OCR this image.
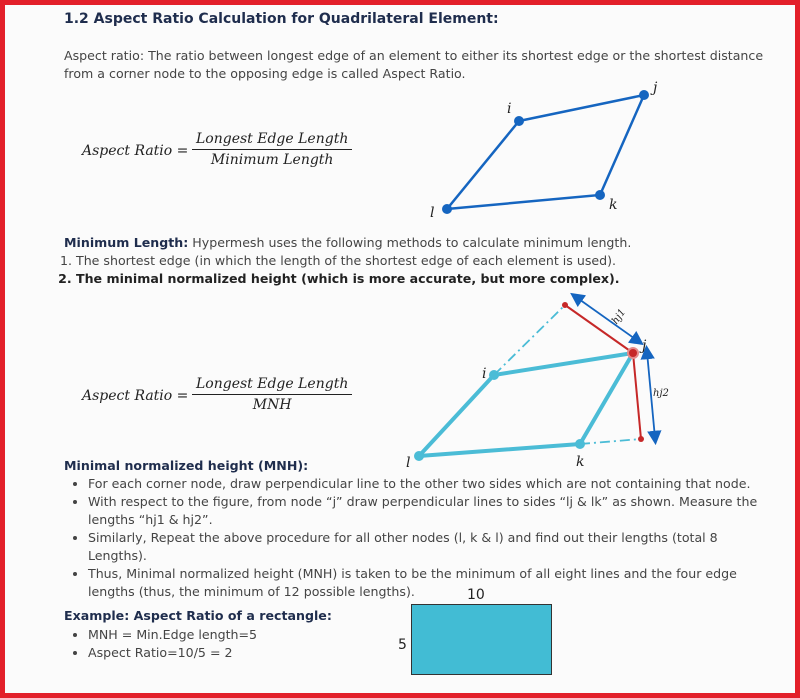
1.2 Aspect Ratio Calculation for Quadrilateral Element:
Aspect ratio: The ratio between longest edge of an element to either its shortest edge or the shortest distance
from a corner node to the opposing edge is called Aspect Ratio.
Aspect Ratio =
Longest Edge Length
Minimum Length
i
j
k
l
Minimum Length: Hypermesh uses the following methods to calculate minimum length.
1. The shortest edge (in which the length of the shortest edge of each element is used).
2. The minimal normalized height (which is more accurate, but more complex).
Aspect Ratio =
Longest Edge Length
MNH
i
j
k
l
hj1
hj2
Minimal normalized height (MNH):
• For each corner node, draw perpendicular line to the other two sides which are not containing that node.
• With respect to the figure, from node “j” draw perpendicular lines to sides “lj & lk” as shown. Measure the lengths “hj1 & hj2”.
• Similarly, Repeat the above procedure for all other nodes (l, k & l) and find out their lengths (total 8 Lengths).
• Thus, Minimal normalized height (MNH) is taken to be the minimum of all eight lines and the four edge lengths (thus, the minimum of 12 possible lengths).
Example: Aspect Ratio of a rectangle:
• MNH = Min.Edge length=5
• Aspect Ratio=10/5 = 2
10
5
